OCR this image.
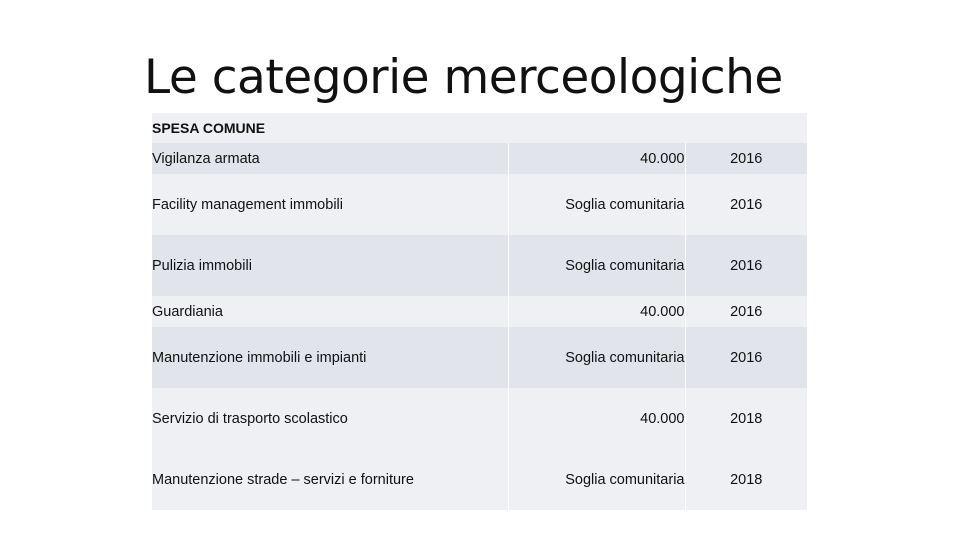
Le categorie merceologiche
SPESA COMUNE		
Vigilanza armata	40.000	2016
Facility management immobili	Soglia comunitaria	2016
Pulizia immobili	Soglia comunitaria	2016
Guardiania	40.000	2016
Manutenzione immobili e impianti	Soglia comunitaria	2016
Servizio di trasporto scolastico	40.000	2018
Manutenzione strade – servizi e forniture	Soglia comunitaria	2018
